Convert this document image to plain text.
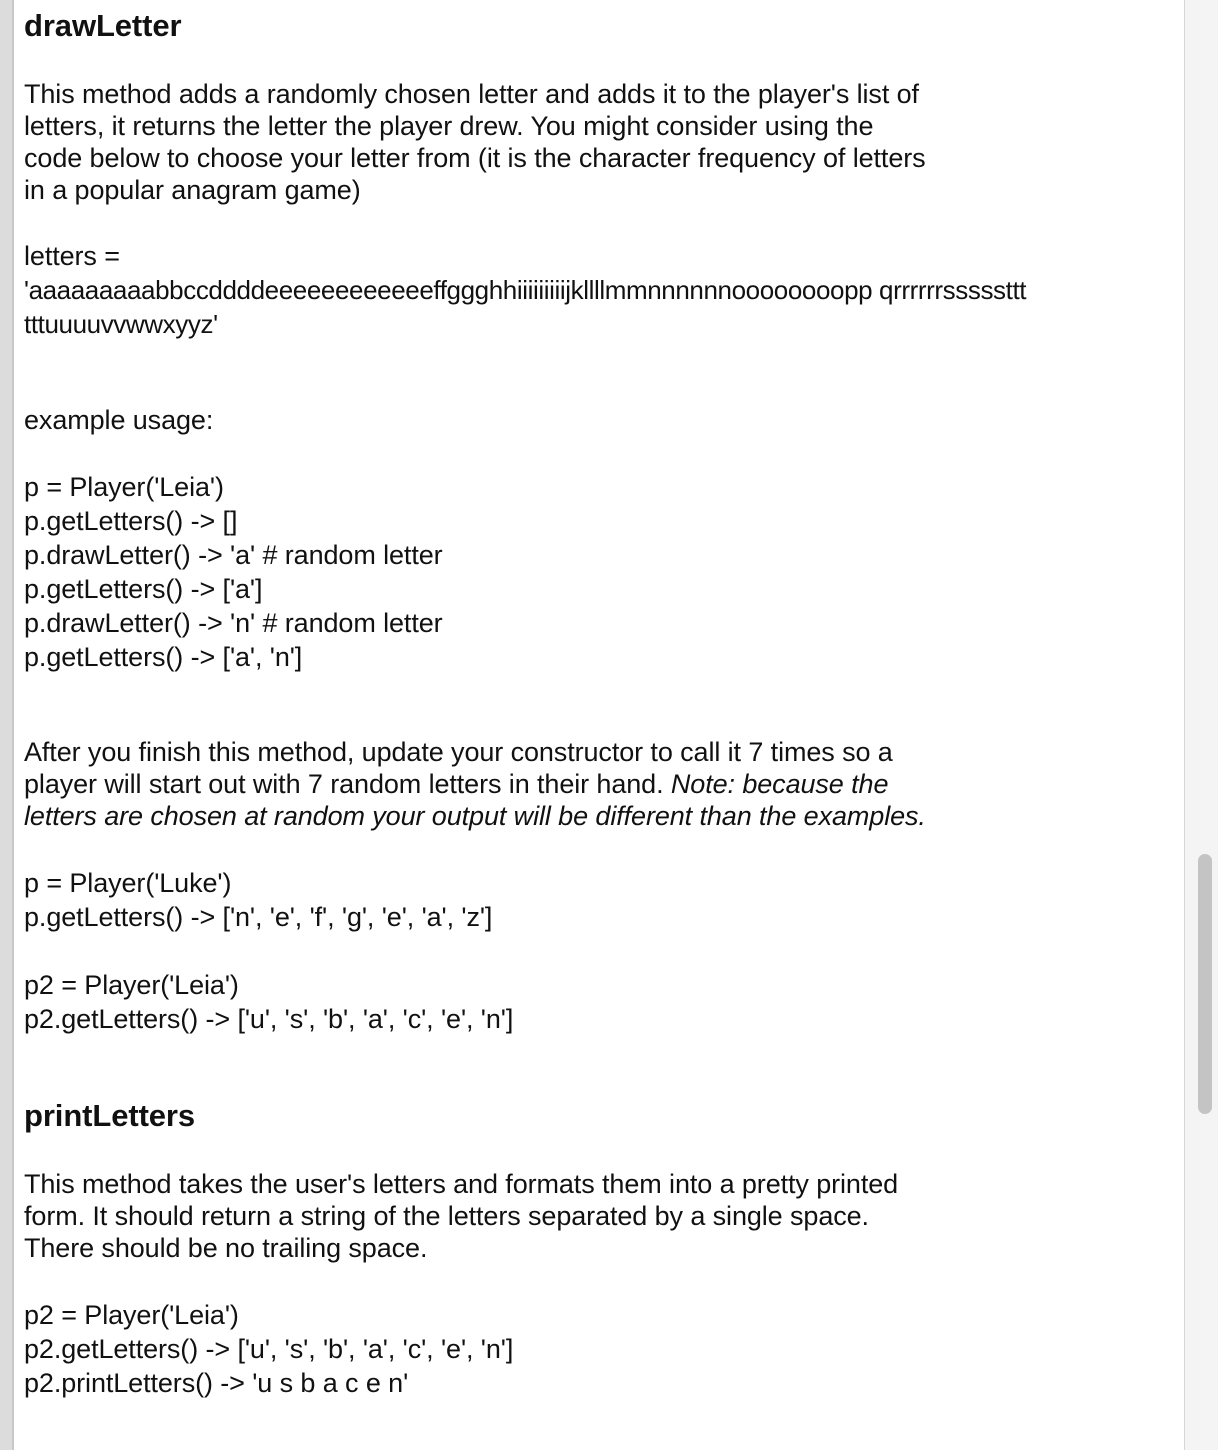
drawLetter
This method adds a randomly chosen letter and adds it to the player's list of
letters, it returns the letter the player drew. You might consider using the
code below to choose your letter from (it is the character frequency of letters
in a popular anagram game)
letters =
'aaaaaaaaabbccddddeeeeeeeeeeeeffggghhiiiiiiiiijkllllmmnnnnnnoooooooopp qrrrrrrsssssttt
tttuuuuvvwwxyyz'
example usage:
p = Player('Leia')
p.getLetters() -> []
p.drawLetter() -> 'a' # random letter
p.getLetters() -> ['a']
p.drawLetter() -> 'n' # random letter
p.getLetters() -> ['a', 'n']
After you finish this method, update your constructor to call it 7 times so a
player will start out with 7 random letters in their hand. Note: because the
letters are chosen at random your output will be different than the examples.
p = Player('Luke')
p.getLetters() -> ['n', 'e', 'f', 'g', 'e', 'a', 'z']
p2 = Player('Leia')
p2.getLetters() -> ['u', 's', 'b', 'a', 'c', 'e', 'n']
printLetters
This method takes the user's letters and formats them into a pretty printed
form. It should return a string of the letters separated by a single space.
There should be no trailing space.
p2 = Player('Leia')
p2.getLetters() -> ['u', 's', 'b', 'a', 'c', 'e', 'n']
p2.printLetters() -> 'u s b a c e n'
